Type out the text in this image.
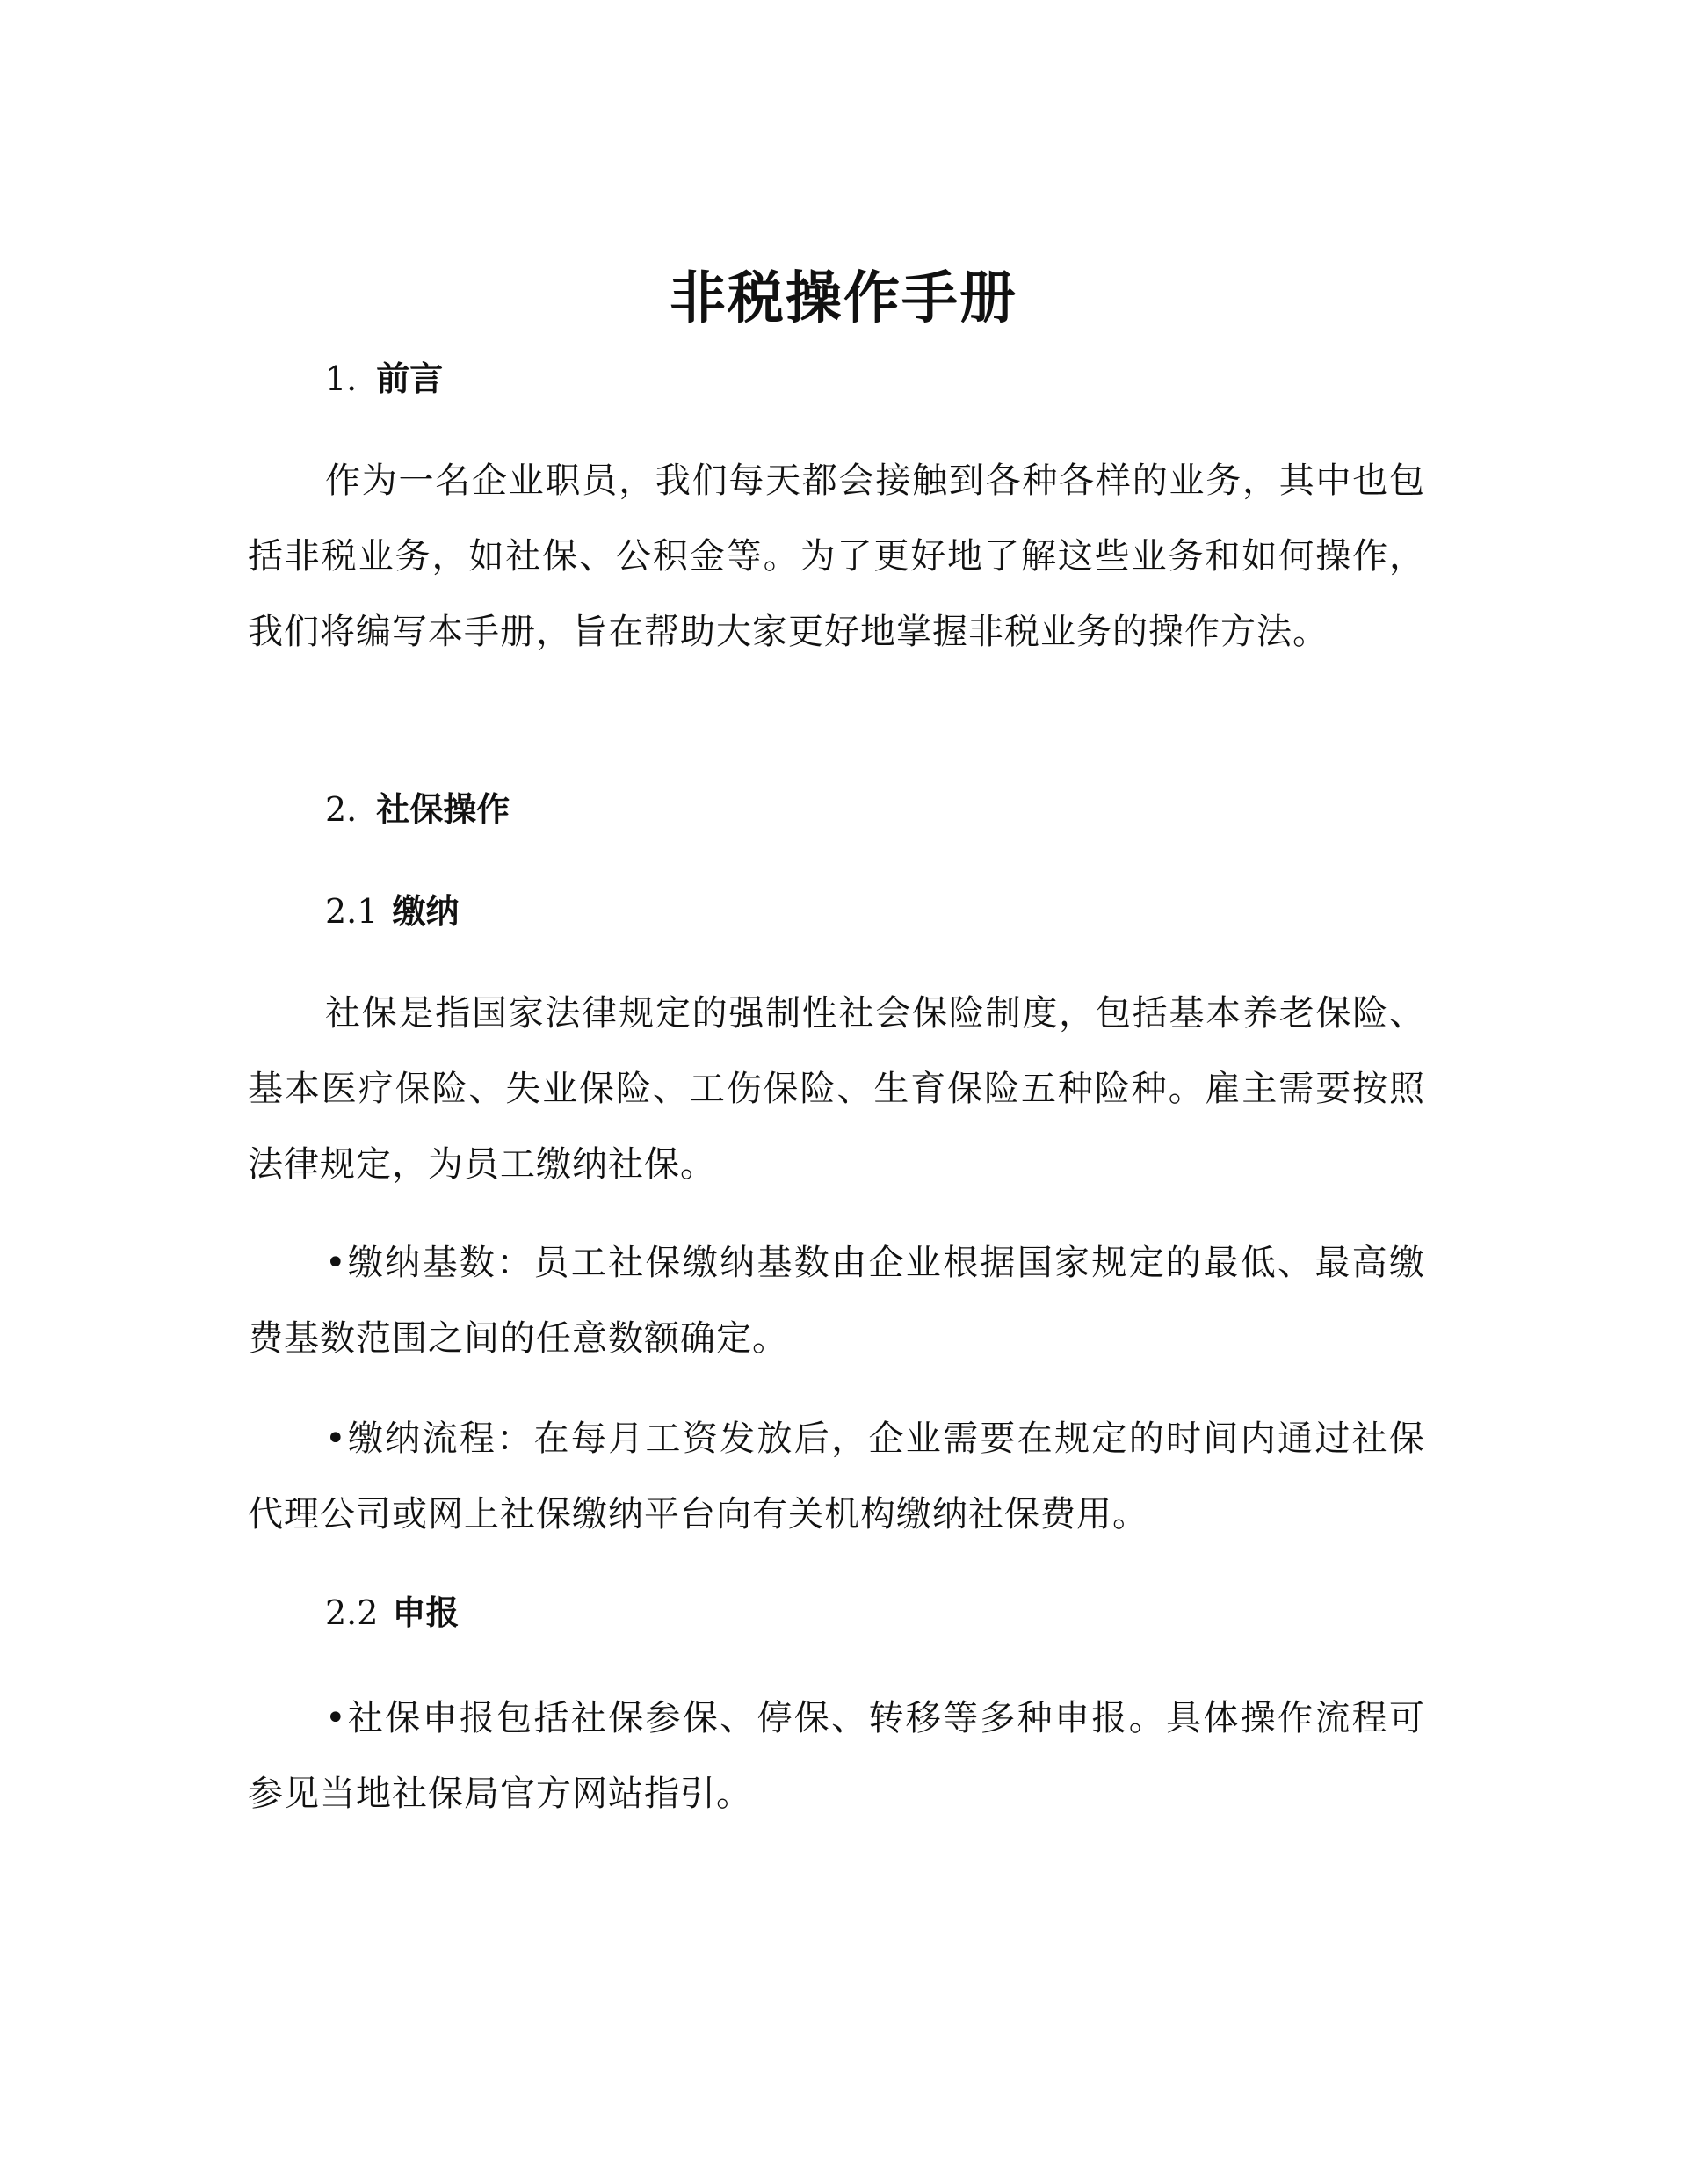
非税操作手册
1. 前言
作为一名企业职员，我们每天都会接触到各种各样的业务，其中也包括非税业务，如社保、公积金等。为了更好地了解这些业务和如何操作，我们将编写本手册，旨在帮助大家更好地掌握非税业务的操作方法。
2. 社保操作
2.1 缴纳
社保是指国家法律规定的强制性社会保险制度，包括基本养老保险、基本医疗保险、失业保险、工伤保险、生育保险五种险种。雇主需要按照法律规定，为员工缴纳社保。
•缴纳基数：员工社保缴纳基数由企业根据国家规定的最低、最高缴费基数范围之间的任意数额确定。
•缴纳流程：在每月工资发放后，企业需要在规定的时间内通过社保代理公司或网上社保缴纳平台向有关机构缴纳社保费用。
2.2 申报
•社保申报包括社保参保、停保、转移等多种申报。具体操作流程可参见当地社保局官方网站指引。
